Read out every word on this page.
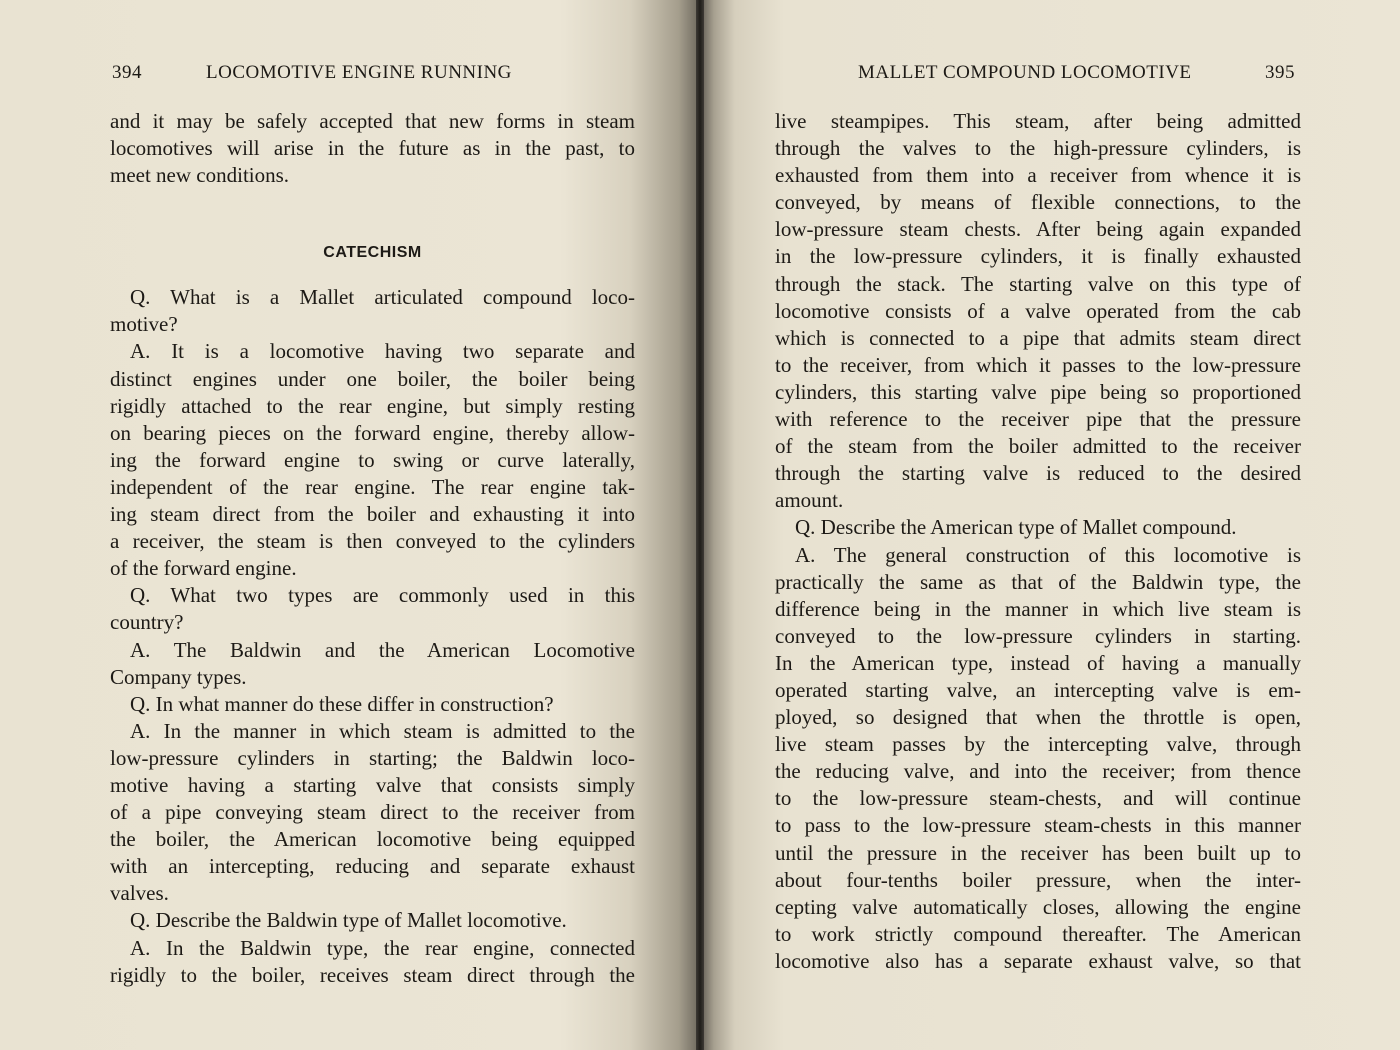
394	LOCOMOTIVE ENGINE RUNNING
and it may be safely accepted that new forms in steam
locomotives will arise in the future as in the past, to
meet new conditions.
CATECHISM
Q. What is a Mallet articulated compound loco-
motive?
A. It is a locomotive having two separate and
distinct engines under one boiler, the boiler being
rigidly attached to the rear engine, but simply resting
on bearing pieces on the forward engine, thereby allow-
ing the forward engine to swing or curve laterally,
independent of the rear engine. The rear engine tak-
ing steam direct from the boiler and exhausting it into
a receiver, the steam is then conveyed to the cylinders
of the forward engine.
Q. What two types are commonly used in this
country?
A. The Baldwin and the American Locomotive
Company types.
Q. In what manner do these differ in construction?
A. In the manner in which steam is admitted to the
low-pressure cylinders in starting; the Baldwin loco-
motive having a starting valve that consists simply
of a pipe conveying steam direct to the receiver from
the boiler, the American locomotive being equipped
with an intercepting, reducing and separate exhaust
valves.
Q. Describe the Baldwin type of Mallet locomotive.
A. In the Baldwin type, the rear engine, connected
rigidly to the boiler, receives steam direct through the
MALLET COMPOUND LOCOMOTIVE	395
live steampipes. This steam, after being admitted
through the valves to the high-pressure cylinders, is
exhausted from them into a receiver from whence it is
conveyed, by means of flexible connections, to the
low-pressure steam chests. After being again expanded
in the low-pressure cylinders, it is finally exhausted
through the stack. The starting valve on this type of
locomotive consists of a valve operated from the cab
which is connected to a pipe that admits steam direct
to the receiver, from which it passes to the low-pressure
cylinders, this starting valve pipe being so proportioned
with reference to the receiver pipe that the pressure
of the steam from the boiler admitted to the receiver
through the starting valve is reduced to the desired
amount.
Q. Describe the American type of Mallet compound.
A. The general construction of this locomotive is
practically the same as that of the Baldwin type, the
difference being in the manner in which live steam is
conveyed to the low-pressure cylinders in starting.
In the American type, instead of having a manually
operated starting valve, an intercepting valve is em-
ployed, so designed that when the throttle is open,
live steam passes by the intercepting valve, through
the reducing valve, and into the receiver; from thence
to the low-pressure steam-chests, and will continue
to pass to the low-pressure steam-chests in this manner
until the pressure in the receiver has been built up to
about four-tenths boiler pressure, when the inter-
cepting valve automatically closes, allowing the engine
to work strictly compound thereafter. The American
locomotive also has a separate exhaust valve, so that
